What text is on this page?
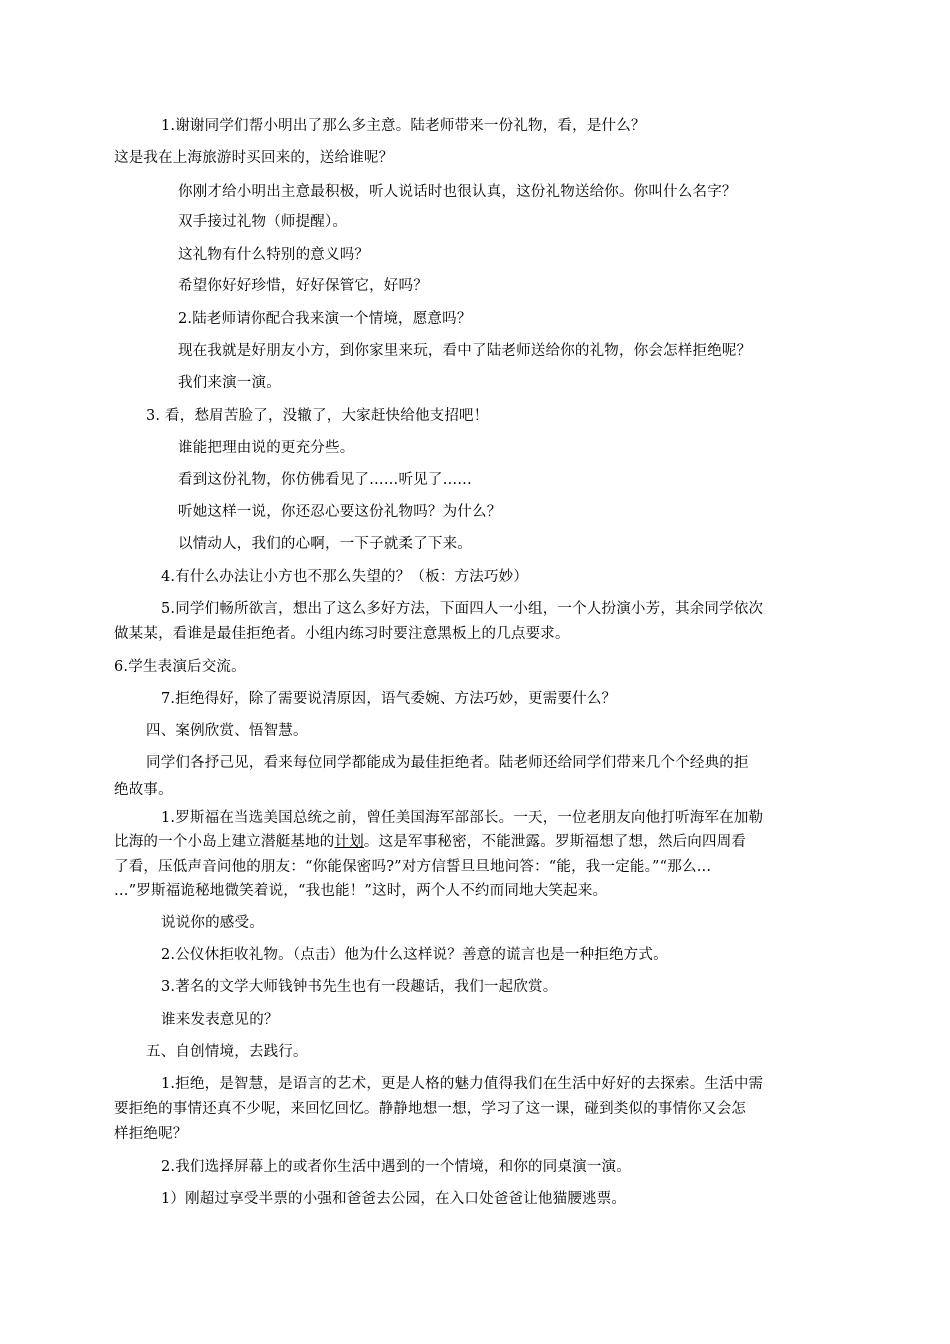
1.谢谢同学们帮小明出了那么多主意。陆老师带来一份礼物，看，是什么？
这是我在上海旅游时买回来的，送给谁呢？
你刚才给小明出主意最积极，听人说话时也很认真，这份礼物送给你。你叫什么名字？
双手接过礼物（师提醒）。
这礼物有什么特别的意义吗？
希望你好好珍惜，好好保管它，好吗？
2.陆老师请你配合我来演一个情境，愿意吗？
现在我就是好朋友小方，到你家里来玩，看中了陆老师送给你的礼物，你会怎样拒绝呢？
我们来演一演。
3. 看，愁眉苦脸了，没辙了，大家赶快给他支招吧！
谁能把理由说的更充分些。
看到这份礼物，你仿佛看见了……听见了……
听她这样一说，你还忍心要这份礼物吗？为什么？
以情动人，我们的心啊，一下子就柔了下来。
4.有什么办法让小方也不那么失望的？（板：方法巧妙）
5.同学们畅所欲言，想出了这么多好方法，下面四人一小组，一个人扮演小芳，其余同学依次
做某某，看谁是最佳拒绝者。小组内练习时要注意黑板上的几点要求。
6.学生表演后交流。
7.拒绝得好，除了需要说清原因，语气委婉、方法巧妙，更需要什么？
四、案例欣赏、悟智慧。
同学们各抒己见，看来每位同学都能成为最佳拒绝者。陆老师还给同学们带来几个个经典的拒
绝故事。
1.罗斯福在当选美国总统之前，曾任美国海军部部长。一天，一位老朋友向他打听海军在加勒
比海的一个小岛上建立潜艇基地的计划。这是军事秘密，不能泄露。罗斯福想了想，然后向四周看
了看，压低声音问他的朋友：“你能保密吗?”对方信誓旦旦地问答：“能，我一定能。”“那么…
…”罗斯福诡秘地微笑着说，“我也能！”这时，两个人不约而同地大笑起来。
说说你的感受。
2.公仪休拒收礼物。（点击）他为什么这样说？善意的谎言也是一种拒绝方式。
3.著名的文学大师钱钟书先生也有一段趣话，我们一起欣赏。
谁来发表意见的？
五、自创情境，去践行。
1.拒绝，是智慧，是语言的艺术，更是人格的魅力值得我们在生活中好好的去探索。生活中需
要拒绝的事情还真不少呢，来回忆回忆。静静地想一想，学习了这一课，碰到类似的事情你又会怎
样拒绝呢？
2.我们选择屏幕上的或者你生活中遇到的一个情境，和你的同桌演一演。
1）刚超过享受半票的小强和爸爸去公园，在入口处爸爸让他猫腰逃票。
